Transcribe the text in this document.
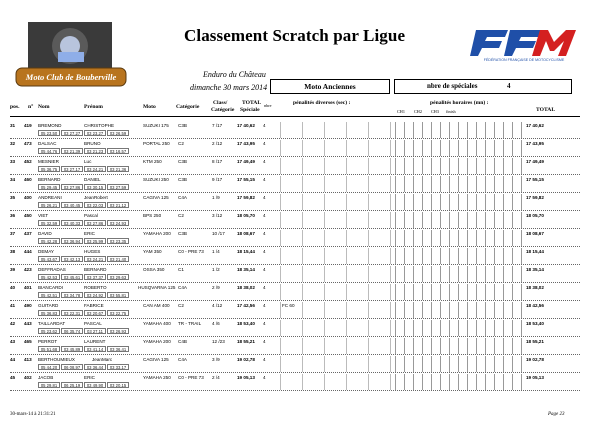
Moto Club de Bouberville
FÉDÉRATION FRANÇAISE DE MOTOCYCLISME
Classement Scratch par Ligue
Enduro du Château
dimanche 30 mars 2014	Moto Anciennes	nbre de spéciales	4
pos. n° Nom	Prénom	Moto	Catégorie
Class/
Catégorie
TOTAL
Spéciale
nbre	pénalités diverses (sec) :	pénalités horaires (mn) :
CH1 CH2 CH3 finish	TOTAL
31 419 BREMOND	CHRISTOPHE	SUZUKI 175 C3B	7 /17	17 40,62 4	17 40,62
05 23,50	03 27,27	03 23,27	03 26,59
32 473 DALSAC	BRUNO	PORTAL 250 C2	2 /12	17 43,95 4	17 43,95
05 44,76	03 21,39	03 21,23	03 16,57
33 452 MESNIER	Luc	KTM 250	C3B	8 /17	17 49,49 4	17 49,49
05 36,75	03 27,17	03 24,21	03 21,36
34 460 BERNARD	DANIEL	SUZUKI 250 C3B	9 /17	17 55,15 4	17 55,15
05 29,45	03 27,86	03 30,15	03 27,59
35 400 ANDREANI	JeanRobert	CAGIVA 125 C4A	1 /9	17 59,82 4	17 59,82
05 26,21	03 40,45	03 22,03	03 21,12
36 450 VIET	Pascal	BPS 250	C2	3 /12	18 05,70 4	18 05,70
05 32,59	03 40,33	03 27,86	03 24,93
37 437 DAVID	ERIC	YAMAHA 200 C3B	10 /17	18 08,67 4	18 08,67
05 42,28	03 36,94	03 25,99	03 23,35
38 444 DEMAY	HUGES	YAM 350	C0 - PRE 73 1 /4	18 15,44 4	18 15,44
05 43,67	03 42,13	03 24,21	03 21,40
39 423 DEFFRADAS	BERNARD	OSSA 350	C1	1 /2	18 35,14 4	18 35,14
05 42,53	03 45,61	03 37,37	03 29,63
40 401 BIANCARDI	ROBERTO	HUSQVARNA 125 C4A	2 /9	18 38,02 4	18 38,02
05 42,51	03 34,78	03 24,92	03 55,81
41 490 GUITARD	FABRICE	CAN AM 400 C2	4 /12	17 42,56 4	FC 60	18 42,56
05 36,83	03 22,31	03 20,67	03 22,75
42 443 TAILLARDAT	PASCAL	YAMAHA 400 TR - TRAIL 4 /6	18 53,40 4	18 53,40
05 23,62	06 35,74	03 27,11	03 26,93
43 465 PERROT	LAURENT	YAMAHA 200 C4B	12 /23	18 55,21 4	18 55,21
05 51,68	03 45,89	03 41,14	03 36,41
44 413 BERTHOUMIEUX	JeanMarc	CAGIVA 125 C4A	3 /9	19 02,78 4	19 02,78
05 44,20	06 08,97	03 36,44	03 33,17
45 402 JACOB	ERIC	YAMAHA 250 C0 - PRE 73 2 /4	19 05,13 4	19 05,13
05 29,81	06 25,19	03 49,90	03 20,15
30-mars-14 à 21:31:21	Page 23
